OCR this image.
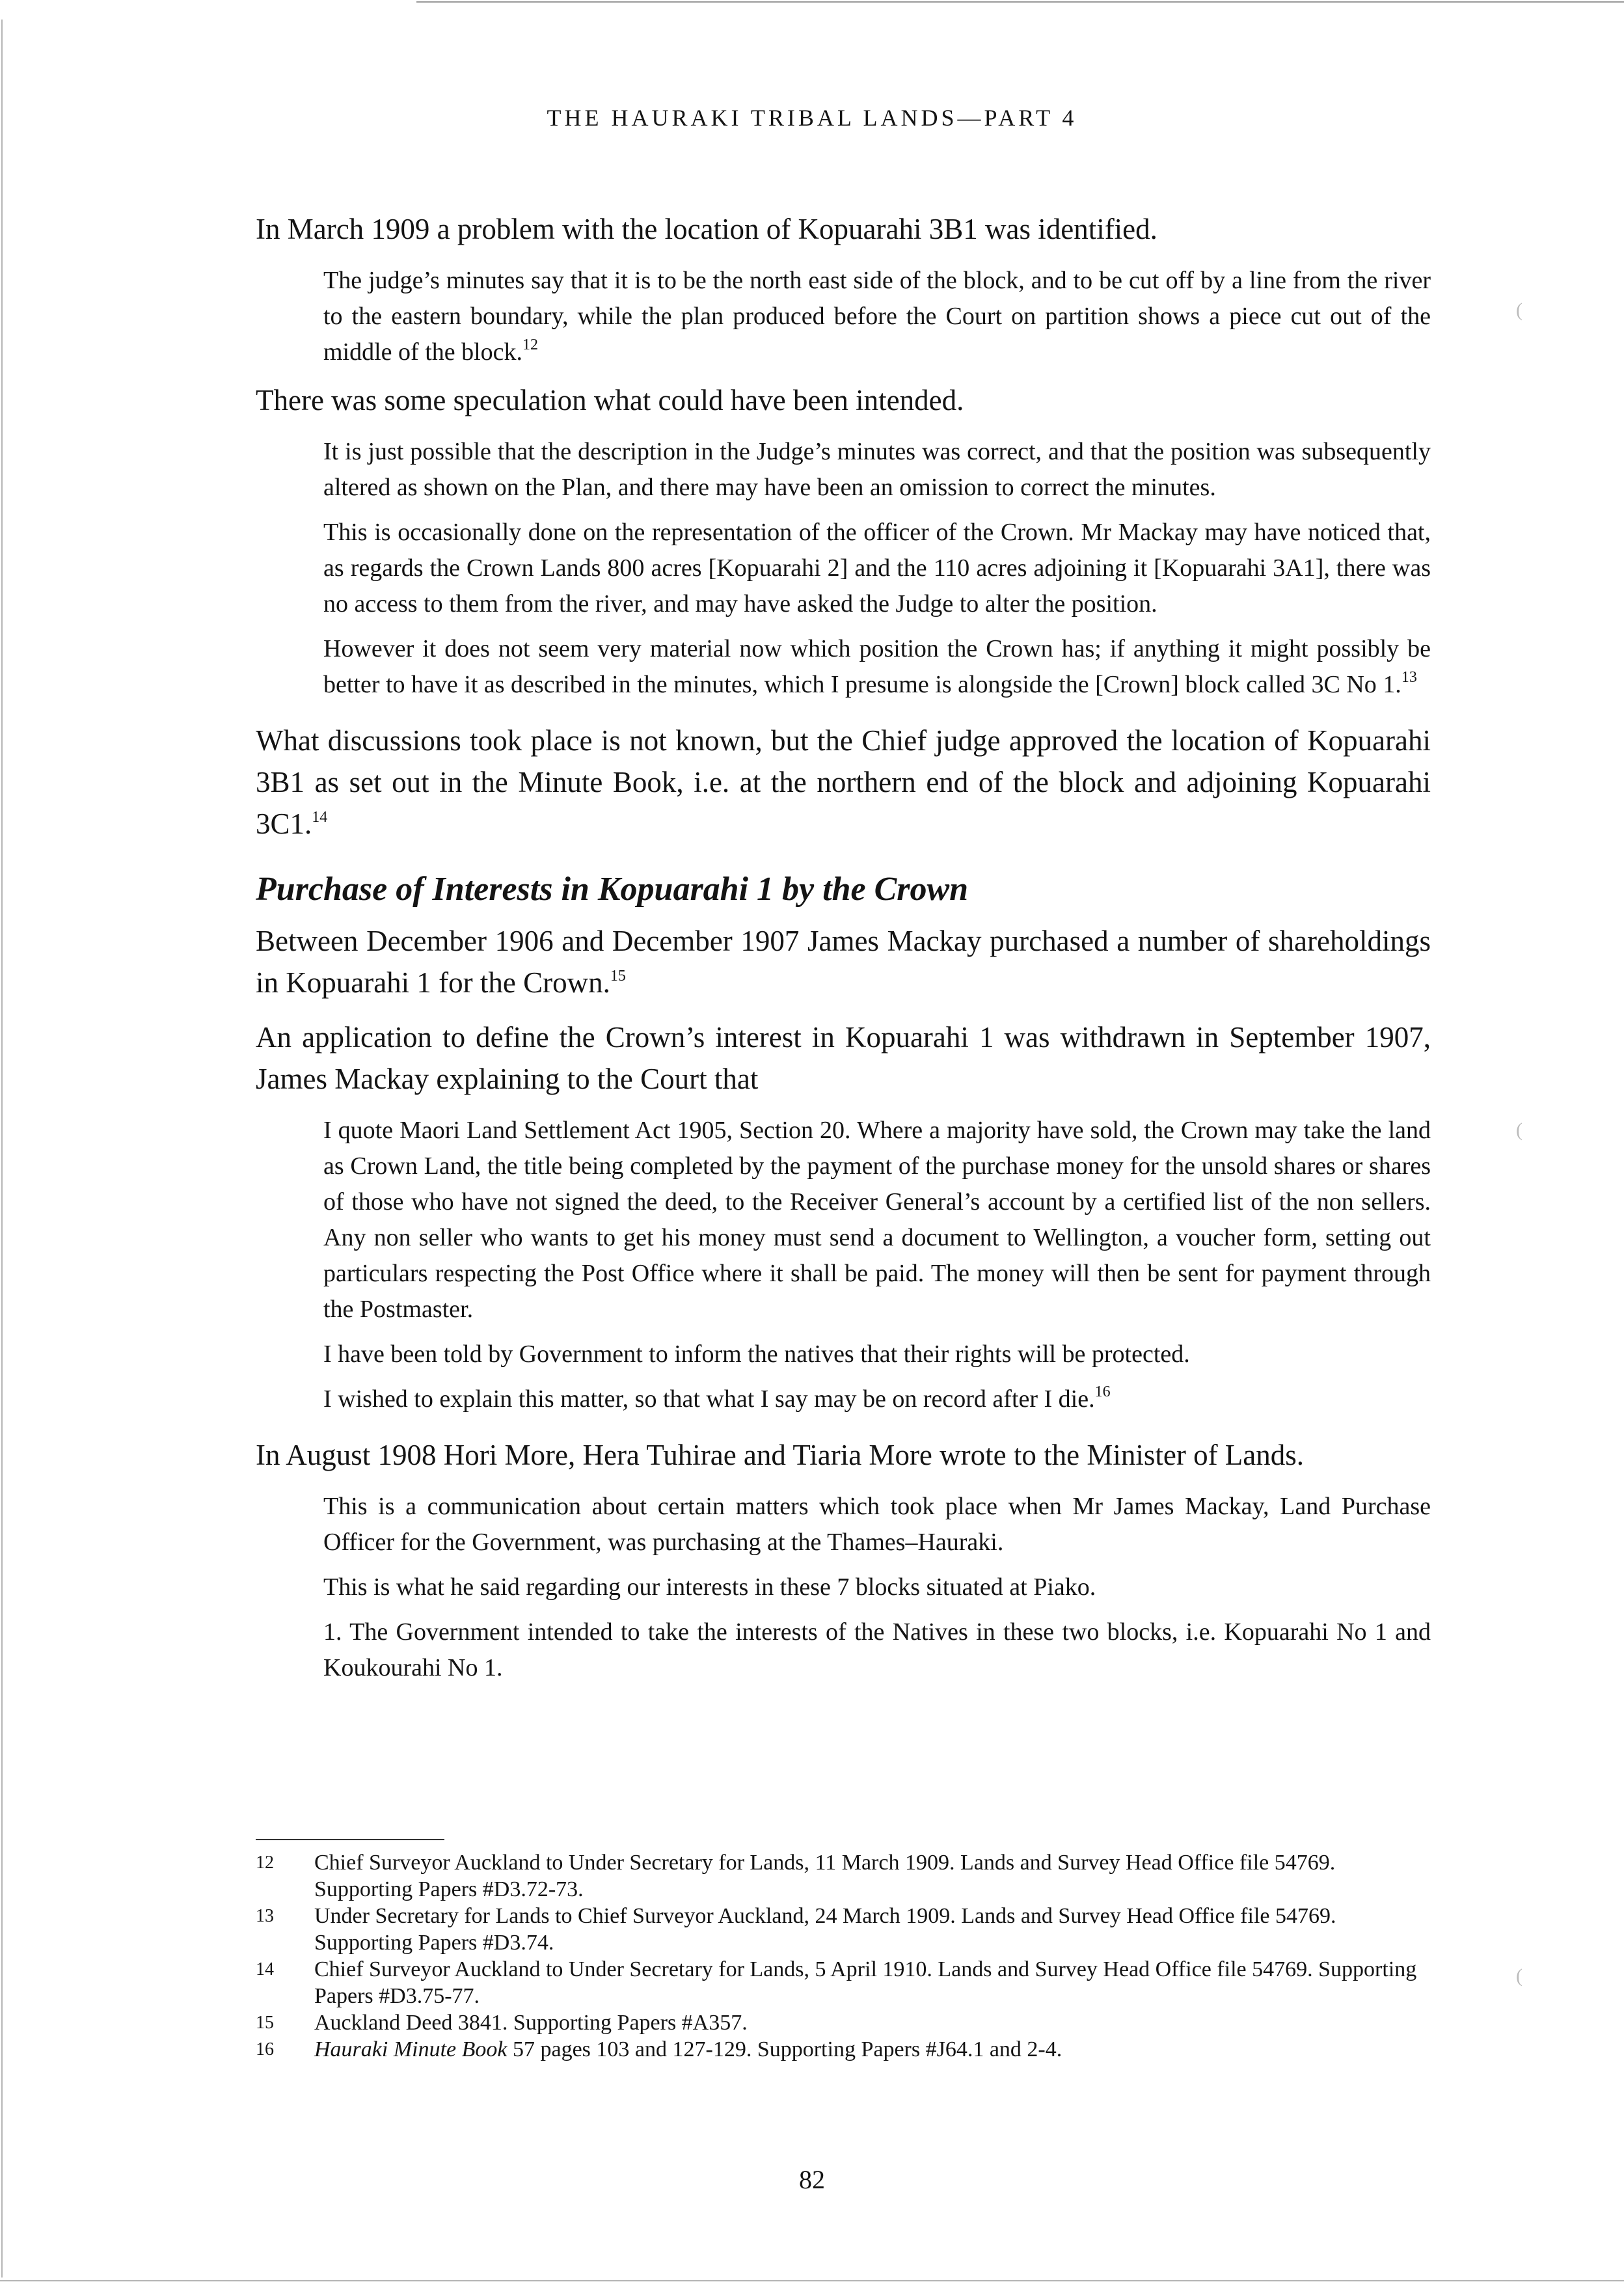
THE HAURAKI TRIBAL LANDS—PART 4

In March 1909 a problem with the location of Kopuarahi 3B1 was identified.

The judge’s minutes say that it is to be the north east side of the block, and to be cut off by a line from the river to the eastern boundary, while the plan produced before the Court on partition shows a piece cut out of the middle of the block.$^{12}$

There was some speculation what could have been intended.

It is just possible that the description in the Judge’s minutes was correct, and that the position was subsequently altered as shown on the Plan, and there may have been an omission to correct the minutes.

This is occasionally done on the representation of the officer of the Crown. Mr Mackay may have noticed that, as regards the Crown Lands 800 acres [Kopuarahi 2] and the 110 acres adjoining it [Kopuarahi 3A1], there was no access to them from the river, and may have asked the Judge to alter the position.

However it does not seem very material now which position the Crown has; if anything it might possibly be better to have it as described in the minutes, which I presume is alongside the [Crown] block called 3C No 1.13

What discussions took place is not known, but the Chief judge approved the location of Kopuarahi 3B1 as set out in the Minute Book, i.e. at the northern end of the block and adjoining Kopuarahi 3C1.14

Purchase of Interests in Kopuarahi 1 by the Crown

Between December 1906 and December 1907 James Mackay purchased a number of shareholdings in Kopuarahi 1 for the Crown.$^{15}$

An application to define the Crown’s interest in Kopuarahi 1 was withdrawn in September 1907, James Mackay explaining to the Court that

I quote Maori Land Settlement Act 1905, Section 20. Where a majority have sold, the Crown may take the land as Crown Land, the title being completed by the payment of the purchase money for the unsold shares or shares of those who have not signed the deed, to the Receiver General’s account by a certified list of the non sellers. Any non seller who wants to get his money must send a document to Wellington, a voucher form, setting out particulars respecting the Post Office where it shall be paid. The money will then be sent for payment through the Postmaster.

I have been told by Government to inform the natives that their rights will be protected.

I wished to explain this matter, so that what I say may be on record after I die.$^{16}$

In August 1908 Hori More, Hera Tuhirae and Tiaria More wrote to the Minister of Lands.

This is a communication about certain matters which took place when Mr James Mackay, Land Purchase Officer for the Government, was purchasing at the Thames–Hauraki.

This is what he said regarding our interests in these 7 blocks situated at Piako.

1. The Government intended to take the interests of the Natives in these two blocks, i.e. Kopuarahi No 1 and Koukourahi No 1.

12	Chief Surveyor Auckland to Under Secretary for Lands, 11 March 1909. Lands and Survey Head Office file 54769. Supporting Papers #D3.72-73.
13	Under Secretary for Lands to Chief Surveyor Auckland, 24 March 1909. Lands and Survey Head Office file 54769. Supporting Papers #D3.74.
14	Chief Surveyor Auckland to Under Secretary for Lands, 5 April 1910. Lands and Survey Head Office file 54769. Supporting Papers #D3.75-77.
15	Auckland Deed 3841. Supporting Papers #A357.
16	Hauraki Minute Book 57 pages 103 and 127-129. Supporting Papers #J64.1 and 2-4.
82
(
(
(
